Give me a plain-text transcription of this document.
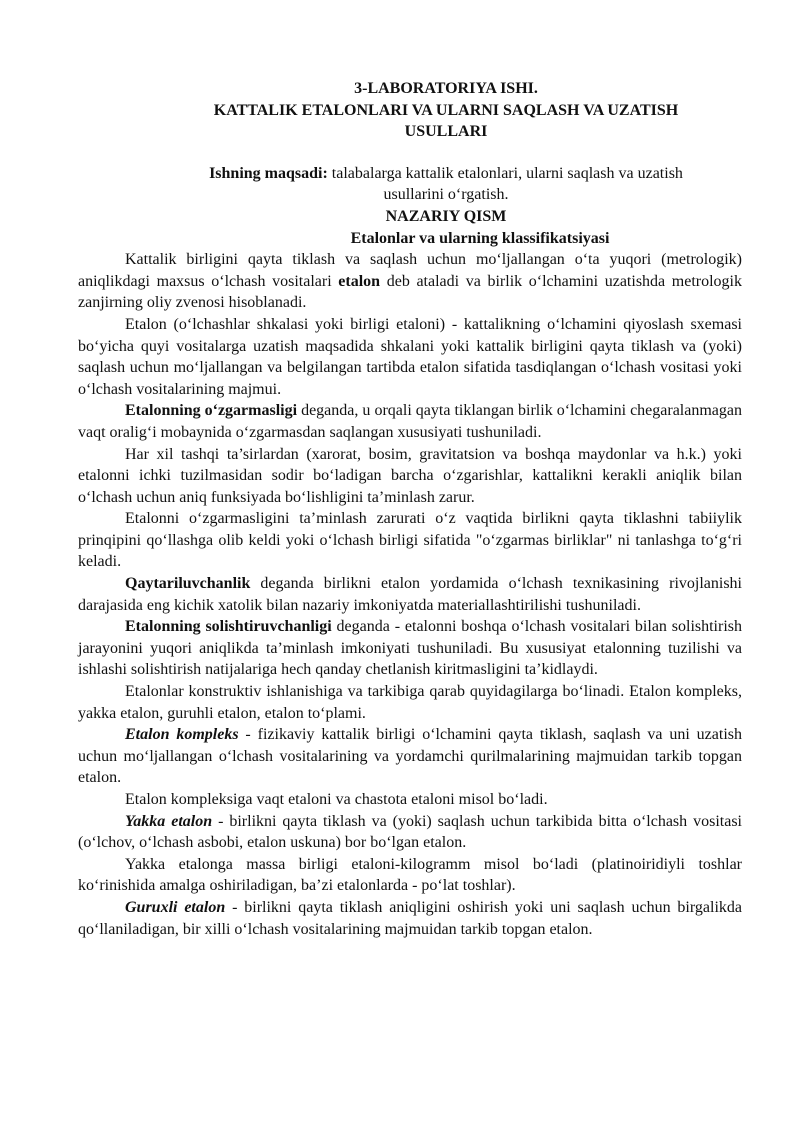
3-LABORATORIYA ISHI.
KATTALIK ETALONLARI VA ULARNI SAQLASH VA UZATISH
USULLARI
Ishning maqsadi: talabalarga kattalik etalonlari, ularni saqlash va uzatish
usullarini o‘rgatish.
NAZARIY QISM
Etalonlar va ularning klassifikatsiyasi

Kattalik birligini qayta tiklash va saqlash uchun mo‘ljallangan o‘ta yuqori (metrologik) aniqlikdagi maxsus o‘lchash vositalari etalon deb ataladi va birlik o‘lchamini uzatishda metrologik zanjirning oliy zvenosi hisoblanadi.

Etalon (o‘lchashlar shkalasi yoki birligi etaloni) - kattalikning o‘lchamini qiyoslash sxemasi bo‘yicha quyi vositalarga uzatish maqsadida shkalani yoki kattalik birligini qayta tiklash va (yoki) saqlash uchun mo‘ljallangan va belgilangan tartibda etalon sifatida tasdiqlangan o‘lchash vositasi yoki o‘lchash vositalarining majmui.

Etalonning o‘zgarmasligi deganda, u orqali qayta tiklangan birlik o‘lchamini chegaralanmagan vaqt oralig‘i mobaynida o‘zgarmasdan saqlangan xususiyati tushuniladi.

Har xil tashqi ta’sirlardan (xarorat, bosim, gravitatsion va boshqa maydonlar va h.k.) yoki etalonni ichki tuzilmasidan sodir bo‘ladigan barcha o‘zgarishlar, kattalikni kerakli aniqlik bilan o‘lchash uchun aniq funksiyada bo‘lishligini ta’minlash zarur.

Etalonni o‘zgarmasligini ta’minlash zarurati o‘z vaqtida birlikni qayta tiklashni tabiiylik prinqipini qo‘llashga olib keldi yoki o‘lchash birligi sifatida "o‘zgarmas birliklar" ni tanlashga to‘g‘ri keladi.

Qaytariluvchanlik deganda birlikni etalon yordamida o‘lchash texnikasining rivojlanishi darajasida eng kichik xatolik bilan nazariy imkoniyatda materiallashtirilishi tushuniladi.

Etalonning solishtiruvchanligi deganda - etalonni boshqa o‘lchash vositalari bilan solishtirish jarayonini yuqori aniqlikda ta’minlash imkoniyati tushuniladi. Bu xususiyat etalonning tuzilishi va ishlashi solishtirish natijalariga hech qanday chetlanish kiritmasligini ta’kidlaydi.

Etalonlar konstruktiv ishlanishiga va tarkibiga qarab quyidagilarga bo‘linadi. Etalon kompleks, yakka etalon, guruhli etalon, etalon to‘plami.

Etalon kompleks - fizikaviy kattalik birligi o‘lchamini qayta tiklash, saqlash va uni uzatish uchun mo‘ljallangan o‘lchash vositalarining va yordamchi qurilmalarining majmuidan tarkib topgan etalon.

Etalon kompleksiga vaqt etaloni va chastota etaloni misol bo‘ladi.

Yakka etalon - birlikni qayta tiklash va (yoki) saqlash uchun tarkibida bitta o‘lchash vositasi (o‘lchov, o‘lchash asbobi, etalon uskuna) bor bo‘lgan etalon.

Yakka etalonga massa birligi etaloni-kilogramm misol bo‘ladi (platinoiridiyli toshlar ko‘rinishida amalga oshiriladigan, ba’zi etalonlarda - po‘lat toshlar).

Guruxli etalon - birlikni qayta tiklash aniqligini oshirish yoki uni saqlash uchun birgalikda qo‘llaniladigan, bir xilli o‘lchash vositalarining majmuidan tarkib topgan etalon.
